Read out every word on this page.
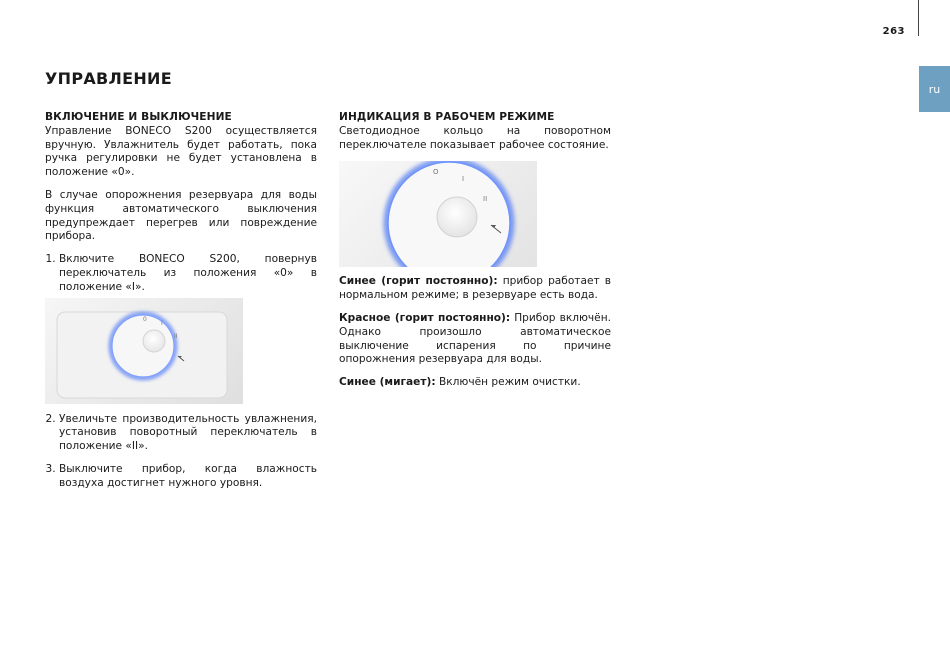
263
ru
УПРАВЛЕНИЕ
ВКЛЮЧЕНИЕ И ВЫКЛЮЧЕНИЕ

Управление BONECO S200 осуществляется вручную. Увлажнитель будет работать, пока ручка регулировки не будет установлена в положение «0».

В случае опорожнения резервуара для воды функция автоматического выключения предупреждает перегрев или повреждение прибора.

1. Включите BONECO S200, повернув переключатель из положения «0» в положение «I».
0
I
II
2. Увеличьте производительность увлажнения, установив поворотный переключатель в положение «II».
3. Выключите прибор, когда влажность воздуха достигнет нужного уровня.
ИНДИКАЦИЯ В РАБОЧЕМ РЕЖИМЕ

Светодиодное кольцо на поворотном переключателе показывает рабочее состояние.

O
I
II

Синее (горит постоянно): прибор работает в нормальном режиме; в резервуаре есть вода.

Красное (горит постоянно): Прибор включён. Однако произошло автоматическое выключение испарения по причине опорожнения резервуара для воды.

Синее (мигает): Включён режим очистки.
